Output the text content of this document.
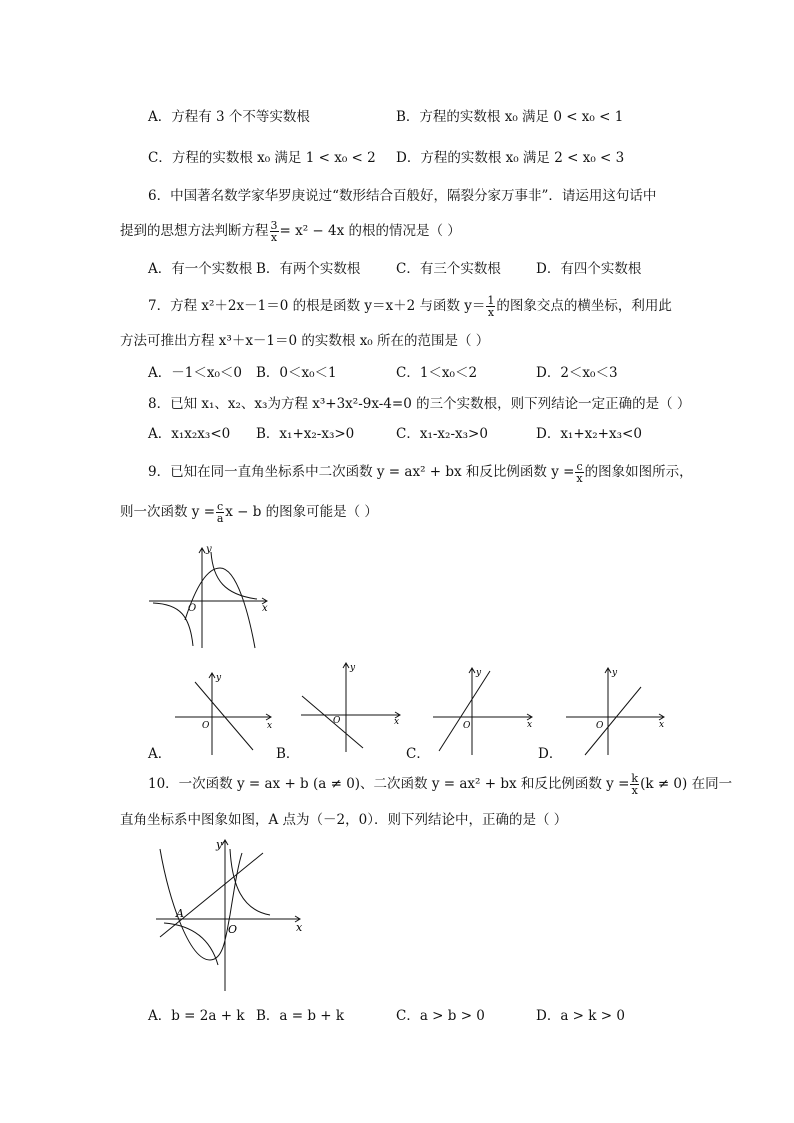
A．方程有 3 个不等实数根	B．方程的实数根 x₀ 满足 0 < x₀ < 1
C．方程的实数根 x₀ 满足 1 < x₀ < 2 D．方程的实数根 x₀ 满足 2 < x₀ < 3
6．中国著名数学家华罗庚说过“数形结合百般好，隔裂分家万事非”．请运用这句话中
提到的思想方法判断方程 $\frac{3}{x} = x^2 - 4x$ 的根的情况是（ ）
A．有一个实数根 B．有两个实数根	C．有三个实数根	D．有四个实数根
7．方程 x²＋2x－1＝0 的根是函数 y＝x＋2 与函数 $y= \frac{1}{x}$ 的图象交点的横坐标，利用此
方法可推出方程 x³＋x－1＝0 的实数根 x₀ 所在的范围是（ ）
A．－1＜x₀＜0 B．0＜x₀＜1	C．1＜x₀＜2	D．2＜x₀＜3
8．已知 x₁、x₂、x₃为方程 x³+3x²-9x-4=0 的三个实数根，则下列结论一定正确的是（ ）
A．x₁x₂x₃<0 B．x₁+x₂-x₃>0	C．x₁-x₂-x₃>0	D．x₁+x₂+x₃<0
9．已知在同一直角坐标系中二次函数 y = ax² + bx 和反比例函数 $y = \frac{c}{x}$ 的图象如图所示，
则一次函数 $y = \frac{c}{a}$ x − b 的图象可能是（ ）
x
y
O
x
y
O	x
y
O	x
y
O	x
y
O
A．	B．	C．	D．
10．一次函数 y = ax + b (a ≠ 0)、二次函数 y = ax² + bx 和反比例函数 $y = \frac{k}{x} (k \ne 0)$ 在同一
直角坐标系中图象如图，A 点为（－2，0）．则下列结论中，正确的是（ ）
x
y
O
A
A．b = 2a + k B．a = b + k	C．a > b > 0	D．a > k > 0
